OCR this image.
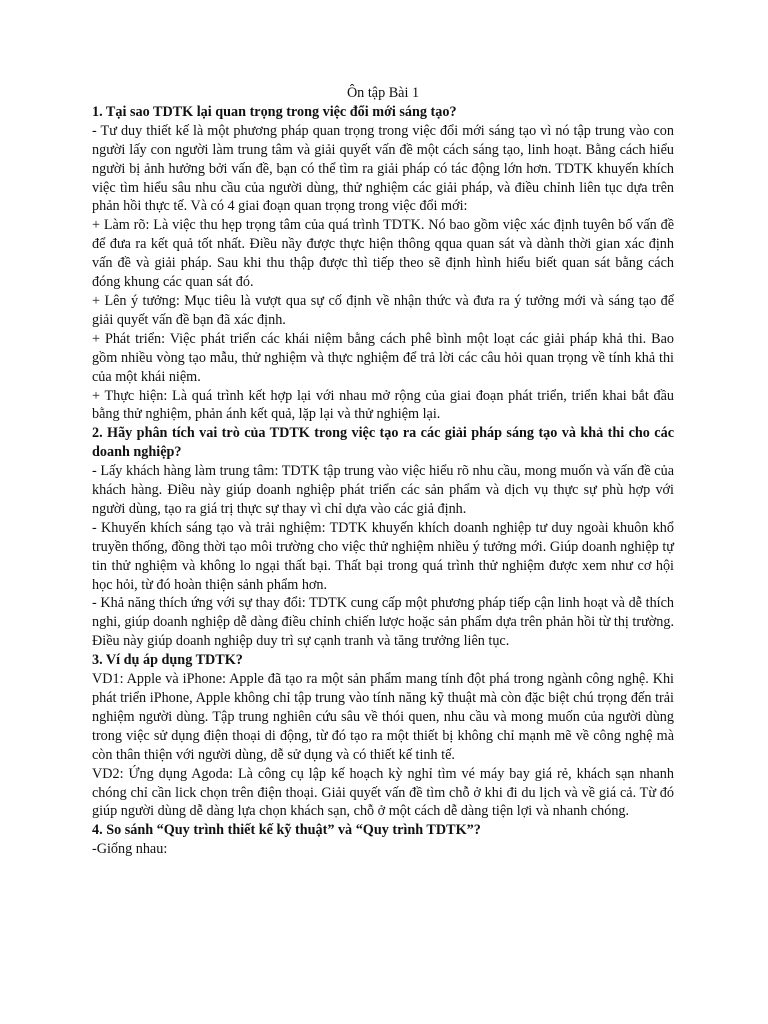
Ôn tập Bài 1

1. Tại sao TDTK lại quan trọng trong việc đổi mới sáng tạo?

- Tư duy thiết kế là một phương pháp quan trọng trong việc đổi mới sáng tạo vì nó tập trung vào con người lấy con người làm trung tâm và giải quyết vấn đề một cách sáng tạo, linh hoạt. Bằng cách hiểu người bị ảnh hưởng bởi vấn đề, bạn có thể tìm ra giải pháp có tác động lớn hơn. TDTK khuyến khích việc tìm hiểu sâu nhu cầu của người dùng, thử nghiệm các giải pháp, và điều chỉnh liên tục dựa trên phản hồi thực tế. Và có 4 giai đoạn quan trọng trong việc đổi mới:

+ Làm rõ: Là việc thu hẹp trọng tâm của quá trình TDTK. Nó bao gồm việc xác định tuyên bố vấn đề để đưa ra kết quả tốt nhất. Điều nầy được thực hiện thông qqua quan sát và dành thời gian xác định vấn đề và giải pháp. Sau khi thu thập được thì tiếp theo sẽ định hình hiểu biết quan sát bằng cách đóng khung các quan sát đó.

+ Lên ý tưởng: Mục tiêu là vượt qua sự cố định về nhận thức và đưa ra ý tưởng mới và sáng tạo để giải quyết vấn đề bạn đã xác định.

+ Phát triển: Việc phát triển các khái niệm bằng cách phê bình một loạt các giải pháp khả thi. Bao gồm nhiều vòng tạo mẫu, thử nghiệm và thực nghiệm để trả lời các câu hỏi quan trọng về tính khả thi của một khái niệm.

+ Thực hiện: Là quá trình kết hợp lại với nhau mở rộng của giai đoạn phát triển, triển khai bắt đầu bằng thử nghiệm, phản ánh kết quả, lặp lại và thử nghiệm lại.

2. Hãy phân tích vai trò của TDTK trong việc tạo ra các giải pháp sáng tạo và khả thi cho các doanh nghiệp?

- Lấy khách hàng làm trung tâm: TDTK tập trung vào việc hiểu rõ nhu cầu, mong muốn và vấn đề của khách hàng. Điều này giúp doanh nghiệp phát triển các sản phẩm và dịch vụ thực sự phù hợp với người dùng, tạo ra giá trị thực sự thay vì chỉ dựa vào các giả định.

- Khuyến khích sáng tạo và trải nghiệm: TDTK khuyến khích doanh nghiệp tư duy ngoài khuôn khổ truyền thống, đồng thời tạo môi trường cho việc thử nghiệm nhiều ý tưởng mới. Giúp doanh nghiệp tự tin thử nghiệm và không lo ngại thất bại. Thất bại trong quá trình thử nghiệm được xem như cơ hội học hỏi, từ đó hoàn thiện sảnh phẩm hơn.

- Khả năng thích ứng với sự thay đổi: TDTK cung cấp một phương pháp tiếp cận linh hoạt và dễ thích nghi, giúp doanh nghiệp dễ dàng điều chỉnh chiến lược hoặc sản phẩm dựa trên phản hồi từ thị trường. Điều này giúp doanh nghiệp duy trì sự cạnh tranh và tăng trưởng liên tục.

3. Ví dụ áp dụng TDTK?

VD1: Apple và iPhone: Apple đã tạo ra một sản phẩm mang tính đột phá trong ngành công nghệ. Khi phát triển iPhone, Apple không chỉ tập trung vào tính năng kỹ thuật mà còn đặc biệt chú trọng đến trải nghiệm người dùng. Tập trung nghiên cứu sâu về thói quen, nhu cầu và mong muốn của người dùng trong việc sử dụng điện thoại di động, từ đó tạo ra một thiết bị không chỉ mạnh mẽ về công nghệ mà còn thân thiện với người dùng, dễ sử dụng và có thiết kế tinh tế.

VD2: Ứng dụng Agoda: Là công cụ lập kế hoạch kỳ nghỉ tìm vé máy bay giá rẻ, khách sạn nhanh chóng chỉ cần lick chọn trên điện thoại. Giải quyết vấn đề tìm chỗ ở khi đi du lịch và về giá cả. Từ đó giúp người dùng dễ dàng lựa chọn khách sạn, chỗ ở một cách dễ dàng tiện lợi và nhanh chóng.

4. So sánh “Quy trình thiết kế kỹ thuật” và “Quy trình TDTK”?

-Giống nhau:
